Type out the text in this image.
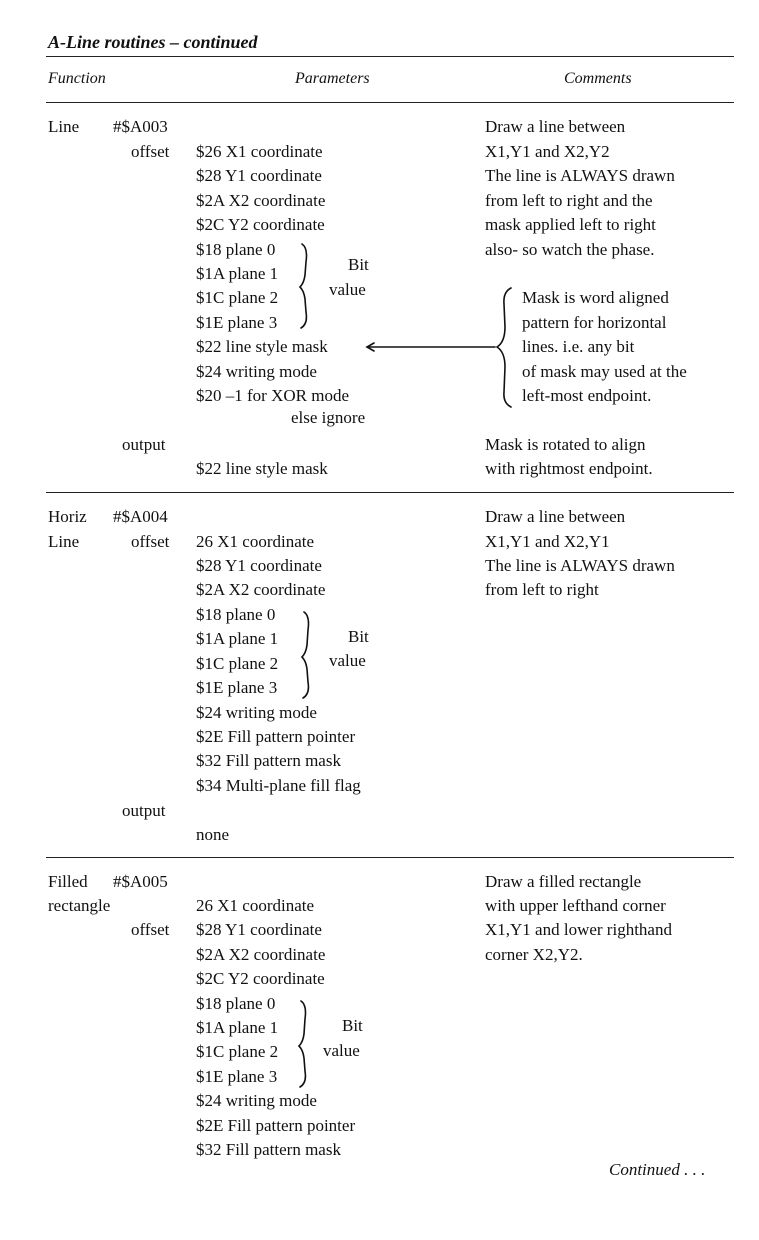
A-Line routines – continued
Function	Parameters	Comments
Line #$A003
offset $26 X1 coordinate
$28 Y1 coordinate
$2A X2 coordinate
$2C Y2 coordinate
$18 plane 0
$1A plane 1
$1C plane 2
$1E plane 3
$22 line style mask
$24 writing mode
$20 –1 for XOR mode
else ignore
Bit
value
Draw a line between
X1,Y1 and X2,Y2
The line is ALWAYS drawn
from left to right and the
mask applied left to right
also- so watch the phase.
Mask is word aligned
pattern for horizontal
lines. i.e. any bit
of mask may used at the
left-most endpoint.
output
$22 line style mask
Mask is rotated to align
with rightmost endpoint.
Horiz
Line
#$A004
offset 26 X1 coordinate
$28 Y1 coordinate
$2A X2 coordinate
$18 plane 0
$1A plane 1
$1C plane 2
$1E plane 3
$24 writing mode
$2E Fill pattern pointer
$32 Fill pattern mask
$34 Multi-plane fill flag
Bit
value
Draw a line between
X1,Y1 and X2,Y1
The line is ALWAYS drawn
from left to right
output
none
Filled
rectangle
#$A005
offset
26 X1 coordinate
$28 Y1 coordinate
$2A X2 coordinate
$2C Y2 coordinate
$18 plane 0
$1A plane 1
$1C plane 2
$1E plane 3
$24 writing mode
$2E Fill pattern pointer
$32 Fill pattern mask
Bit
value
Draw a filled rectangle
with upper lefthand corner
X1,Y1 and lower righthand
corner X2,Y2.
Continued . . .
